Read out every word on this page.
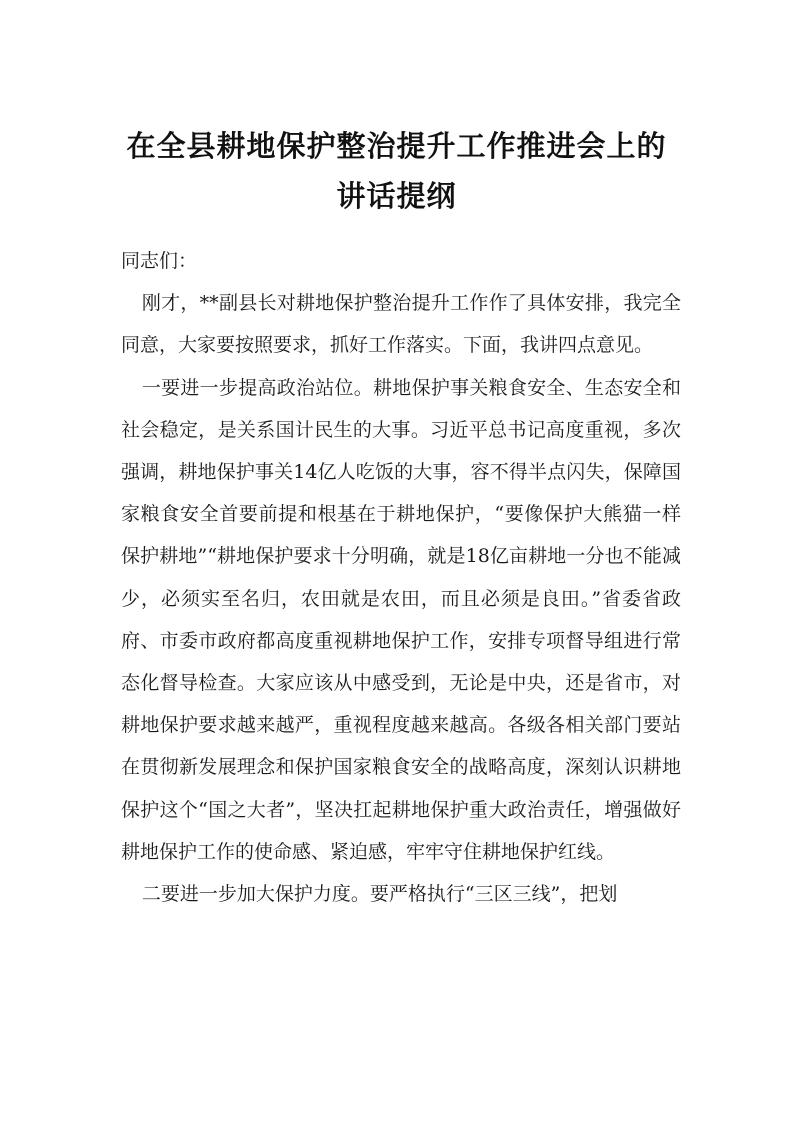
在全县耕地保护整治提升工作推进会上的
讲话提纲

同志们：

刚才，**副县长对耕地保护整治提升工作作了具体安排，我完全同意，大家要按照要求，抓好工作落实。下面，我讲四点意见。

一要进一步提高政治站位。耕地保护事关粮食安全、生态安全和社会稳定，是关系国计民生的大事。习近平总书记高度重视，多次强调，耕地保护事关14亿人吃饭的大事，容不得半点闪失，保障国家粮食安全首要前提和根基在于耕地保护，“要像保护大熊猫一样保护耕地”“耕地保护要求十分明确，就是18亿亩耕地一分也不能减少，必须实至名归，农田就是农田，而且必须是良田。”省委省政府、市委市政府都高度重视耕地保护工作，安排专项督导组进行常态化督导检查。大家应该从中感受到，无论是中央，还是省市，对耕地保护要求越来越严，重视程度越来越高。各级各相关部门要站在贯彻新发展理念和保护国家粮食安全的战略高度，深刻认识耕地保护这个“国之大者”，坚决扛起耕地保护重大政治责任，增强做好耕地保护工作的使命感、紧迫感，牢牢守住耕地保护红线。

二要进一步加大保护力度。要严格执行“三区三线”，把划
